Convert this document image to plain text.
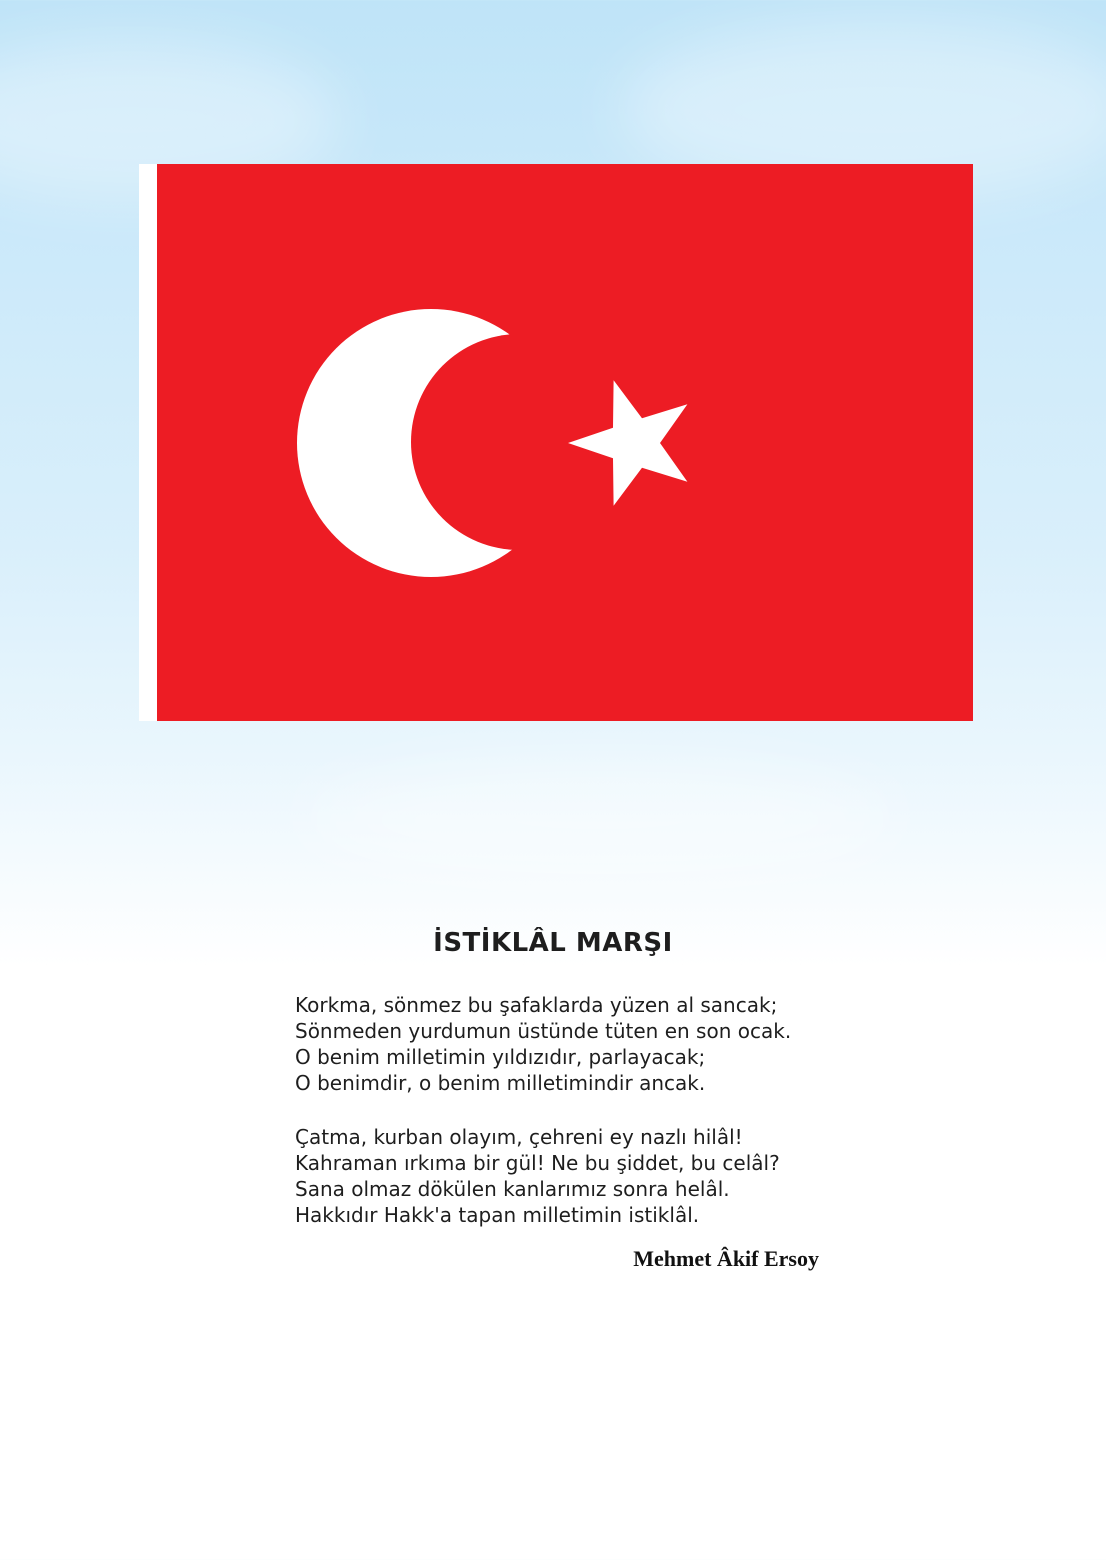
İSTİKLÂL MARŞI
Korkma, sönmez bu şafaklarda yüzen al sancak;
Sönmeden yurdumun üstünde tüten en son ocak.
O benim milletimin yıldızıdır, parlayacak;
O benimdir, o benim milletimindir ancak.
Çatma, kurban olayım, çehreni ey nazlı hilâl!
Kahraman ırkıma bir gül! Ne bu şiddet, bu celâl?
Sana olmaz dökülen kanlarımız sonra helâl.
Hakkıdır Hakk'a tapan milletimin istiklâl.
Mehmet Âkif Ersoy
